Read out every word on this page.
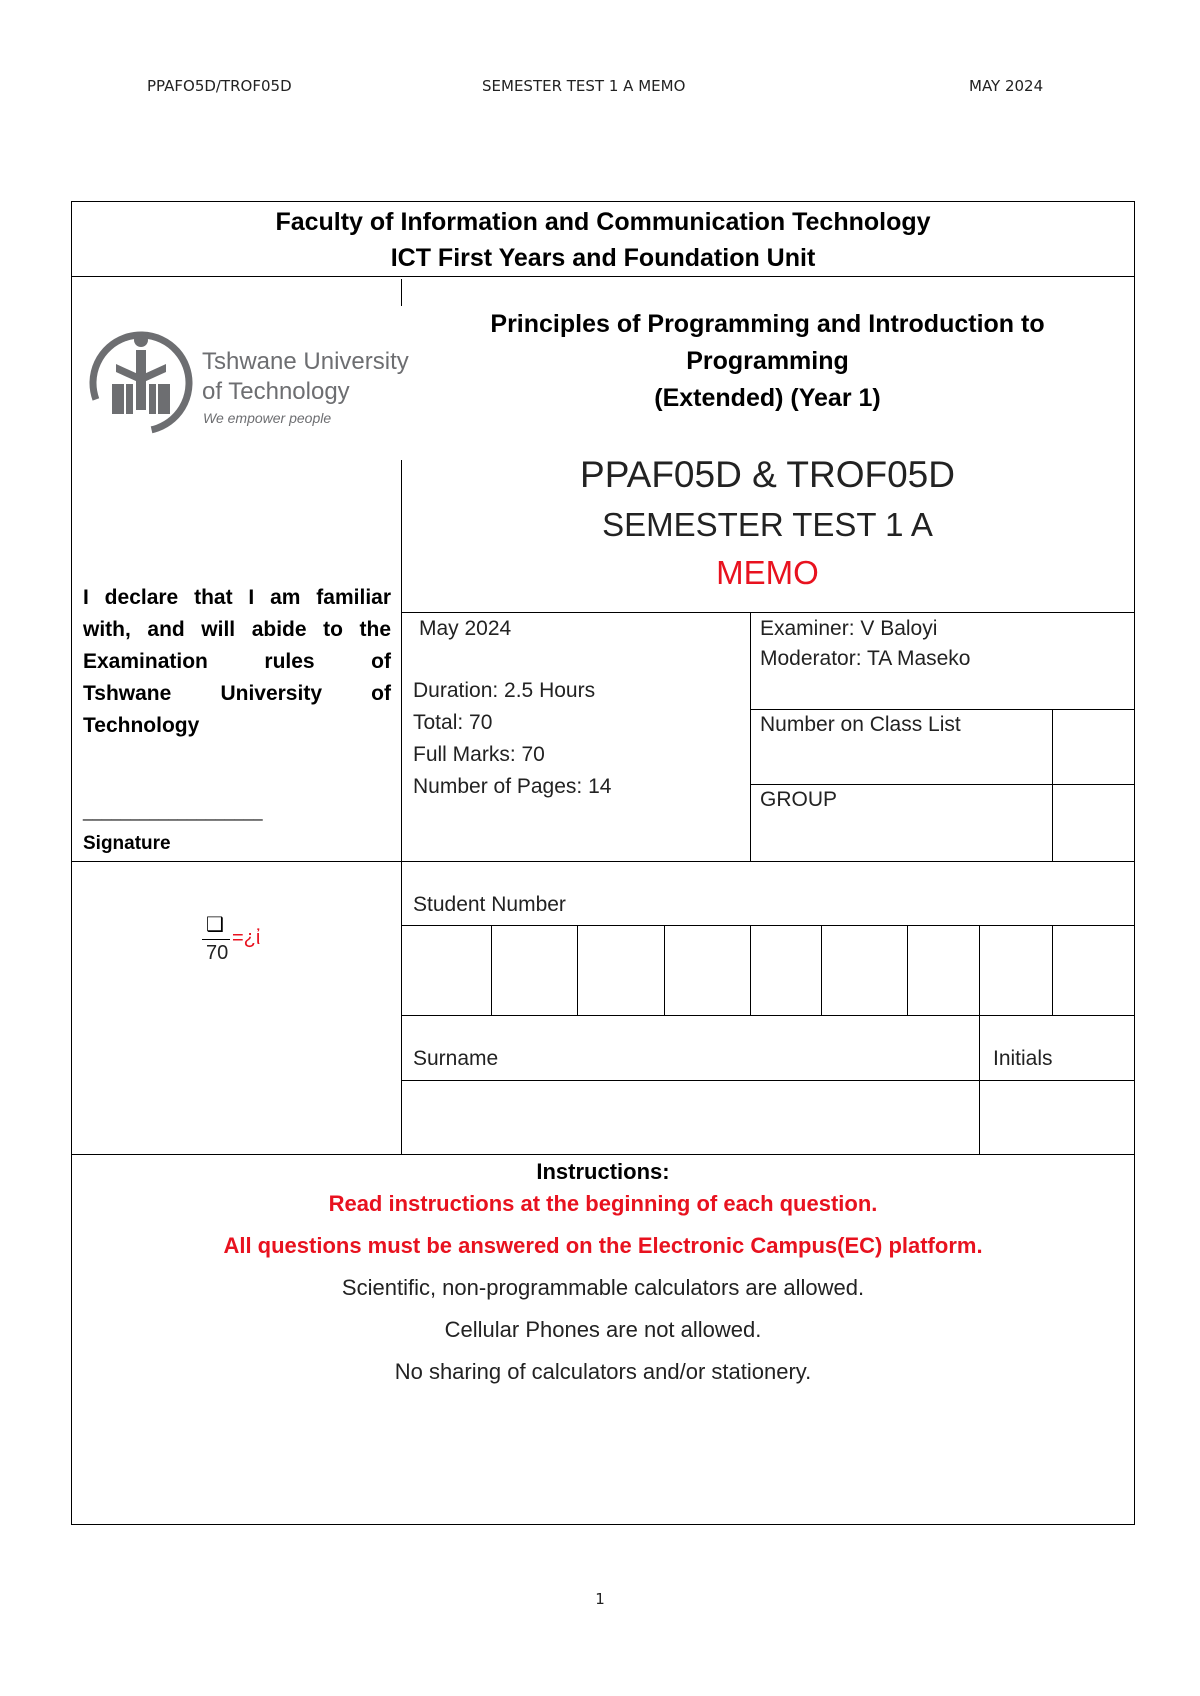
PPAFO5D/TROF05D	SEMESTER TEST 1 A MEMO	MAY 2024
Faculty of Information and Communication Technology
ICT First Years and Foundation Unit
Tshwane University
of Technology
We empower people
Principles of Programming and Introduction to
Programming
(Extended) (Year 1)
PPAF05D & TROF05D
SEMESTER TEST 1 A
MEMO
I declare that I am familiar
with, and will abide to the
Examination	rules	of
Tshwane University of
Technology
___________________
Signature
May 2024
Duration: 2.5 Hours
Total: 70
Full Marks: 70
Number of Pages: 14
Examiner: V Baloyi
Moderator: TA Maseko
Number on Class List
GROUP
❑
70
=¿ἰ
Student Number
Surname	Initials
Instructions:
Read instructions at the beginning of each question.
All questions must be answered on the Electronic Campus(EC) platform.
Scientific, non-programmable calculators are allowed.
Cellular Phones are not allowed.
No sharing of calculators and/or stationery.
1
